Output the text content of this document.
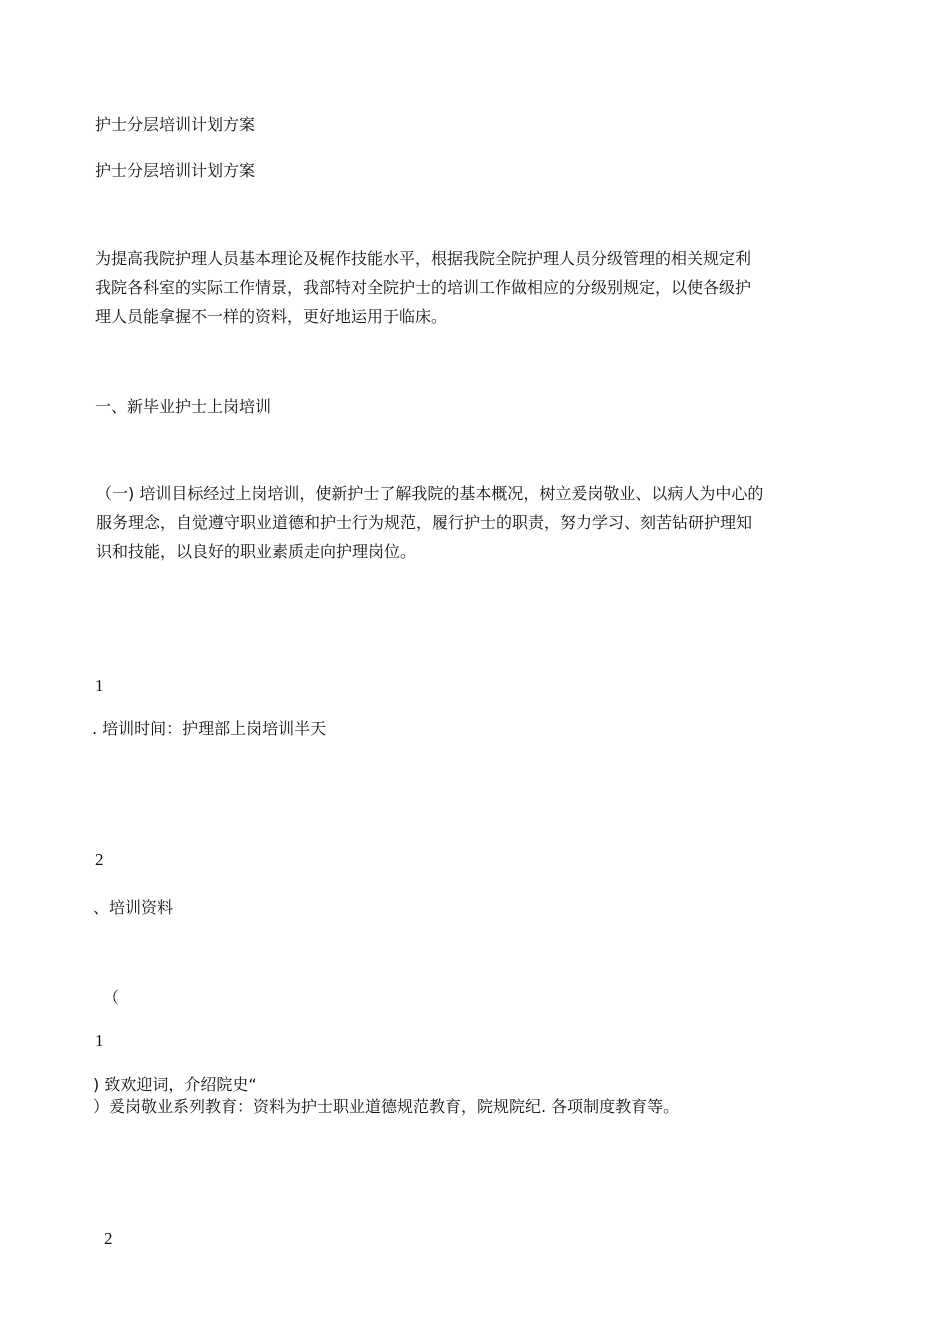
护士分层培训计划方案
护士分层培训计划方案
为提高我院护理人员基本理论及梶作技能水平，根据我院全院护理人员分级管理的相关规定利
我院各科室的实际工作情景，我部特对全院护士的培训工作做相应的分级别规定，以使各级护
理人员能拿握不一样的资料，更好地运用于临床。
一、新毕业护士上岗培训
（一) 培训目标经过上岗培训，使新护士了解我院的基本概况，树立爰岗敬业、以病人为中心的
服务理念，自觉遵守职业道德和护士行为规范，履行护士的职责，努力学习、刻苦钻研护理知
识和技能，以良好的职业素质走向护理岗位。
1
. 培训时间：护理部上岗培训半天
2
、培训资料
（
1
) 致欢迎词，介绍院史“
）爰岗敬业系列教育：资料为护士职业道德规范教育，院规院纪. 各项制度教育等。
2
